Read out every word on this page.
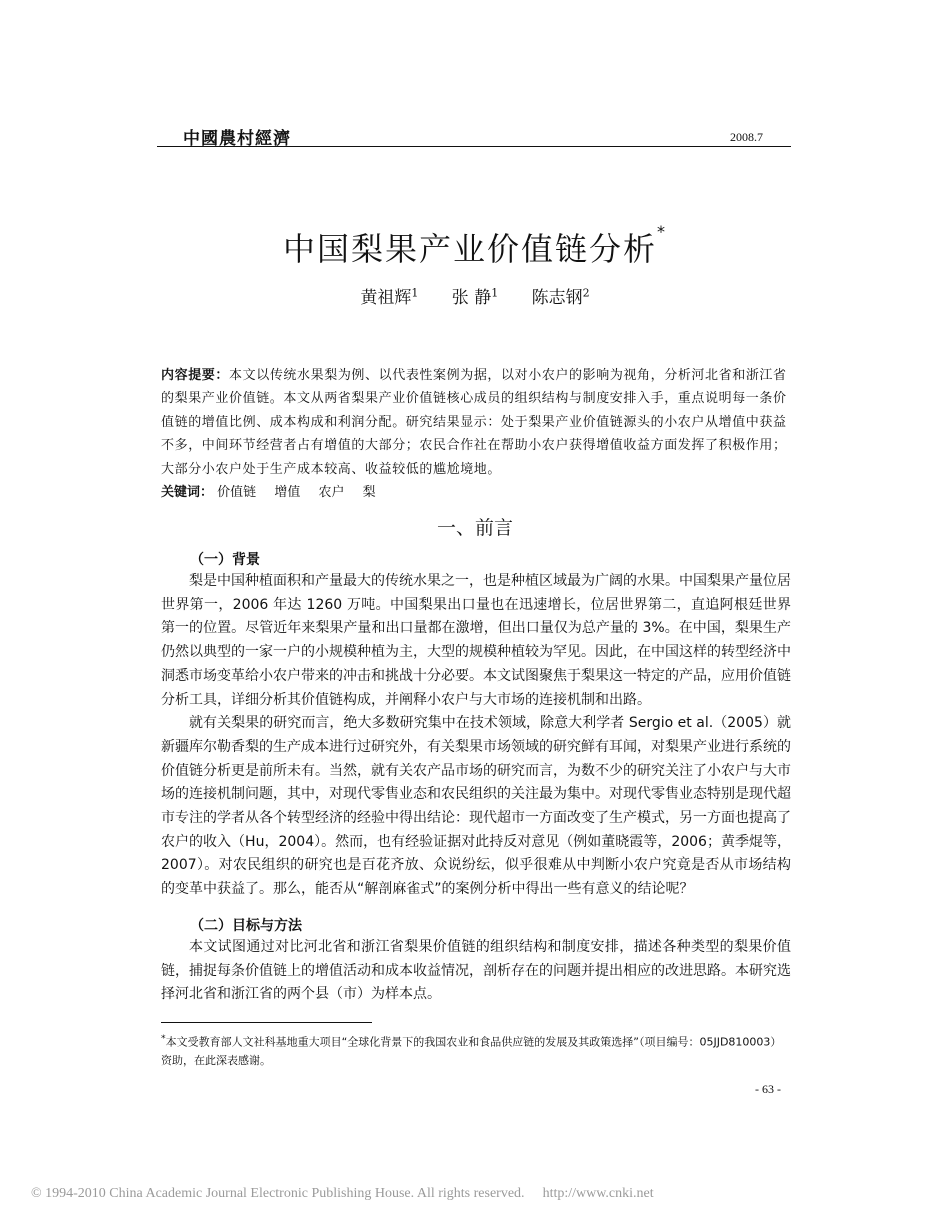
中國農村經濟	2008.7
中国梨果产业价值链分析*
黄祖辉$^1$ 张 静$^1$ 陈志钢$^2$
内容提要：本文以传统水果梨为例、以代表性案例为据，以对小农户的影响为视角，分析河北省和浙江省的梨果产业价值链。本文从两省梨果产业价值链核心成员的组织结构与制度安排入手，重点说明每一条价值链的增值比例、成本构成和利润分配。研究结果显示：处于梨果产业价值链源头的小农户从增值中获益不多，中间环节经营者占有增值的大部分；农民合作社在帮助小农户获得增值收益方面发挥了积极作用；大部分小农户处于生产成本较高、收益较低的尴尬境地。
关键词： 价值链 增值 农户 梨
一、前言
（一）背景

梨是中国种植面积和产量最大的传统水果之一，也是种植区域最为广阔的水果。中国梨果产量位居世界第一，2006 年达 1260 万吨。中国梨果出口量也在迅速增长，位居世界第二，直追阿根廷世界第一的位置。尽管近年来梨果产量和出口量都在激增，但出口量仅为总产量的 3%。在中国，梨果生产仍然以典型的一家一户的小规模种植为主，大型的规模种植较为罕见。因此，在中国这样的转型经济中洞悉市场变革给小农户带来的冲击和挑战十分必要。本文试图聚焦于梨果这一特定的产品，应用价值链分析工具，详细分析其价值链构成，并阐释小农户与大市场的连接机制和出路。

就有关梨果的研究而言，绝大多数研究集中在技术领域，除意大利学者 Sergio et al.（2005）就新疆库尔勒香梨的生产成本进行过研究外，有关梨果市场领域的研究鲜有耳闻，对梨果产业进行系统的价值链分析更是前所未有。当然，就有关农产品市场的研究而言，为数不少的研究关注了小农户与大市场的连接机制问题，其中，对现代零售业态和农民组织的关注最为集中。对现代零售业态特别是现代超市专注的学者从各个转型经济的经验中得出结论：现代超市一方面改变了生产模式，另一方面也提高了农户的收入（Hu，2004）。然而，也有经验证据对此持反对意见（例如董晓霞等，2006；黄季焜等，2007）。对农民组织的研究也是百花齐放、众说纷纭，似乎很难从中判断小农户究竟是否从市场结构的变革中获益了。那么，能否从“解剖麻雀式”的案例分析中得出一些有意义的结论呢？

（二）目标与方法

本文试图通过对比河北省和浙江省梨果价值链的组织结构和制度安排，描述各种类型的梨果价值链，捕捉每条价值链上的增值活动和成本收益情况，剖析存在的问题并提出相应的改进思路。本研究选择河北省和浙江省的两个县（市）为样本点。

*本文受教育部人文社科基地重大项目“全球化背景下的我国农业和食品供应链的发展及其政策选择”（项目编号：05JJD810003）资助，在此深表感谢。
- 63 -
© 1994-2010 China Academic Journal Electronic Publishing House. All rights reserved. http://www.cnki.net
